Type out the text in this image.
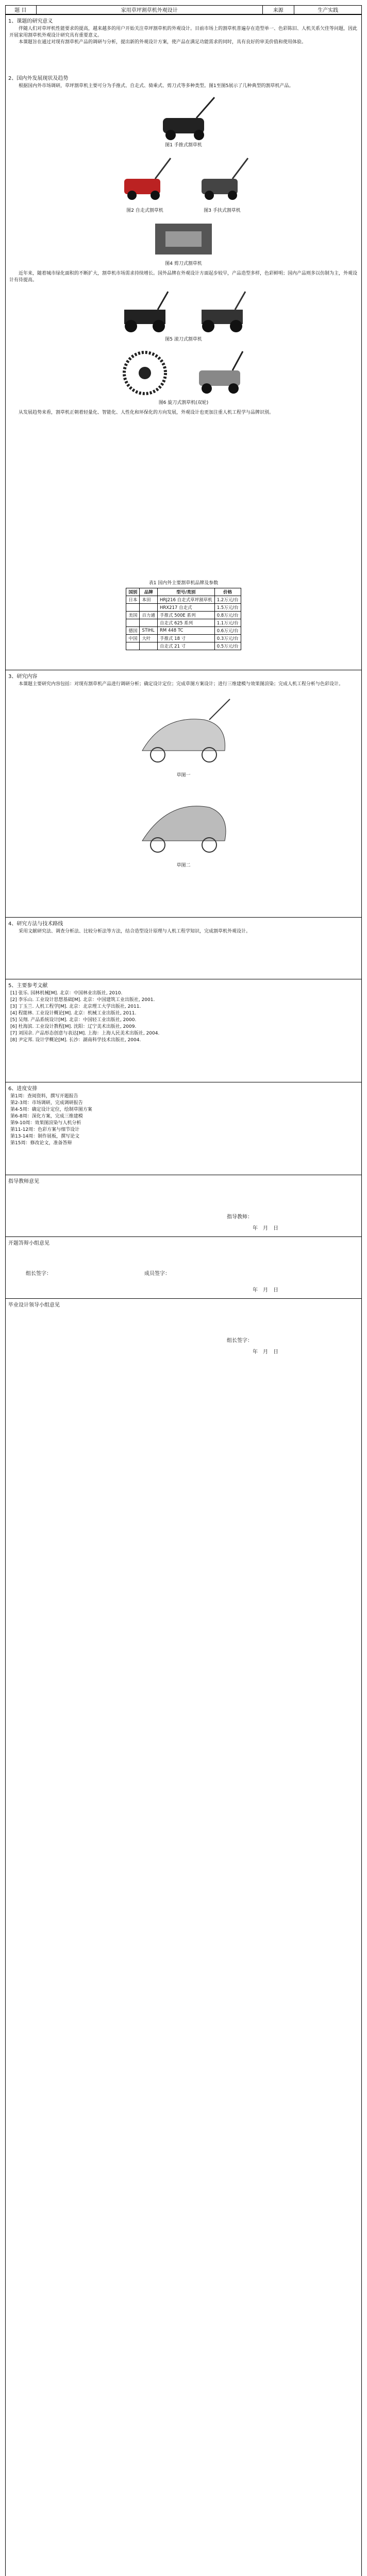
题 目	家用草坪割草机外观设计	来源	生产实践
1、课题的研究意义
伴随人们对草坪机性能要求的提高，越来越多的用户开始关注草坪割草机的外观设计。目前市场上的割草机普遍存在造型单一、色彩陈旧、人机关系欠佳等问题，因此开展家用割草机外观设计研究具有重要意义。
本课题旨在通过对现有割草机产品的调研与分析，提出新的外观设计方案，使产品在满足功能需求的同时，具有良好的审美价值和使用体验。
2、国内外发展现状及趋势
根据国内外市场调研，草坪割草机主要可分为手推式、自走式、骑乘式、剪刀式等多种类型。图1至图5展示了几种典型的割草机产品。
图1 手推式割草机
图2 自走式割草机	图3 手扶式割草机
图4 剪刀式割草机
近年来，随着城市绿化面积的不断扩大，割草机市场需求持续增长。国外品牌在外观设计方面起步较早，产品造型多样，色彩鲜明；国内产品则多以仿制为主，外观设计有待提高。
图5 滚刀式割草机
图6 旋刀式割草机(双轮)
从发展趋势来看，割草机正朝着轻量化、智能化、人性化和环保化的方向发展，外观设计也更加注重人机工程学与品牌识别。
表1 国内外主要割草机品牌及参数
国别	品牌	型号/类别	价格
日本	本田	HRJ216 自走式草坪割草机	1.2万元/台
		HRX217 自走式	1.5万元/台
美国	百力通	手推式 500E 系列	0.8万元/台
		自走式 625 系列	1.1万元/台
德国	STIHL	RM 448 TC	0.6万元/台
中国	大叶	手推式 18 寸	0.3万元/台
		自走式 21 寸	0.5万元/台
3、研究内容
本课题主要研究内容包括：对现有割草机产品进行调研分析；确定设计定位；完成草图方案设计；进行三维建模与效果图渲染；完成人机工程分析与色彩设计。
草图一
草图二
4、研究方法与技术路线
采用文献研究法、调查分析法、比较分析法等方法，结合造型设计原理与人机工程学知识，完成割草机外观设计。
5、主要参考文献
[1] 张乐. 园林机械[M]. 北京：中国林业出版社, 2010.
[2] 李乐山. 工业设计思想基础[M]. 北京：中国建筑工业出版社, 2001.
[3] 丁玉兰. 人机工程学[M]. 北京：北京理工大学出版社, 2011.
[4] 程能林. 工业设计概论[M]. 北京：机械工业出版社, 2011.
[5] 吴翔. 产品系统设计[M]. 北京：中国轻工业出版社, 2000.
[6] 杜海滨. 工业设计教程[M]. 沈阳：辽宁美术出版社, 2009.
[7] 刘国余. 产品形态创意与表达[M]. 上海：上海人民美术出版社, 2004.
[8] 尹定邦. 设计学概论[M]. 长沙：湖南科学技术出版社, 2004.
6、进度安排
第1周：查阅资料，撰写开题报告
第2-3周：市场调研，完成调研报告
第4-5周：确定设计定位，绘制草图方案
第6-8周：深化方案，完成三维建模
第9-10周：效果图渲染与人机分析
第11-12周：色彩方案与细节设计
第13-14周：制作展板，撰写论文
第15周：修改论文，准备答辩
指导教师意见
指导教师：
年　月　日
开题答辩小组意见
组长签字：	成员签字：
年　月　日
毕业设计领导小组意见
组长签字：
年　月　日
